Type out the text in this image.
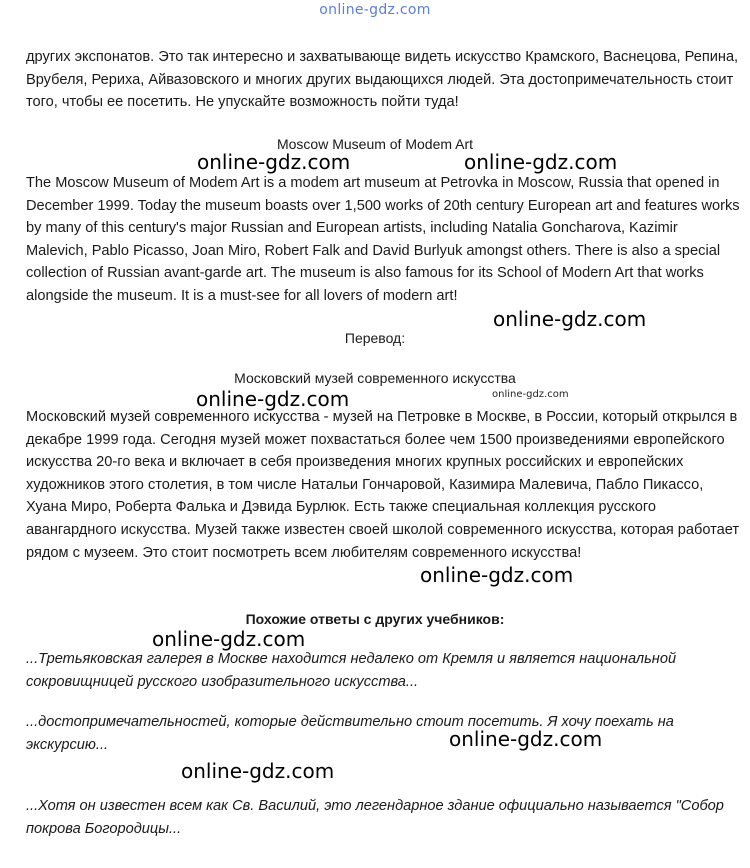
online-gdz.com

других экспонатов. Это так интересно и захватывающе видеть искусство Крамского, Васнецова, Репина, Врубеля, Рериха, Айвазовского и многих других выдающихся людей. Эта достопримечательность стоит того, чтобы ее посетить. Не упускайте возможность пойти туда!

Moscow Museum of Modem Art

The Moscow Museum of Modem Art is a modem art museum at Petrovka in Moscow, Russia that opened in December 1999. Today the museum boasts over 1,500 works of 20th century European art and features works by many of this century's major Russian and European artists, including Natalia Goncharova, Kazimir Malevich, Pablo Picasso, Joan Miro, Robert Falk and David Burlyuk amongst others. There is also a special collection of Russian avant-garde art. The museum is also famous for its School of Modern Art that works alongside the museum. It is a must-see for all lovers of modern art!

Перевод:

Московский музей современного искусства

Московский музей современного искусства - музей на Петровке в Москве, в России, который открылся в декабре 1999 года. Сегодня музей может похвастаться более чем 1500 произведениями европейского искусства 20-го века и включает в себя произведения многих крупных российских и европейских художников этого столетия, в том числе Натальи Гончаровой, Казимира Малевича, Пабло Пикассо, Хуана Миро, Роберта Фалька и Дэвида Бурлюк. Есть также специальная коллекция русского авангардного искусства. Музей также известен своей школой современного искусства, которая работает рядом с музеем. Это стоит посмотреть всем любителям современного искусства!

Похожие ответы с других учебников:

...Третьяковская галерея в Москве находится недалеко от Кремля и является национальной сокровищницей русского изобразительного искусства...

...достопримечательностей, которые действительно стоит посетить. Я хочу поехать на экскурсию...

...Хотя он известен всем как Св. Василий, это легендарное здание официально называется "Собор покрова Богородицы...

online-gdz.com	online-gdz.com
online-gdz.com
online-gdz.com	online-gdz.com
online-gdz.com
online-gdz.com
online-gdz.com
online-gdz.com
